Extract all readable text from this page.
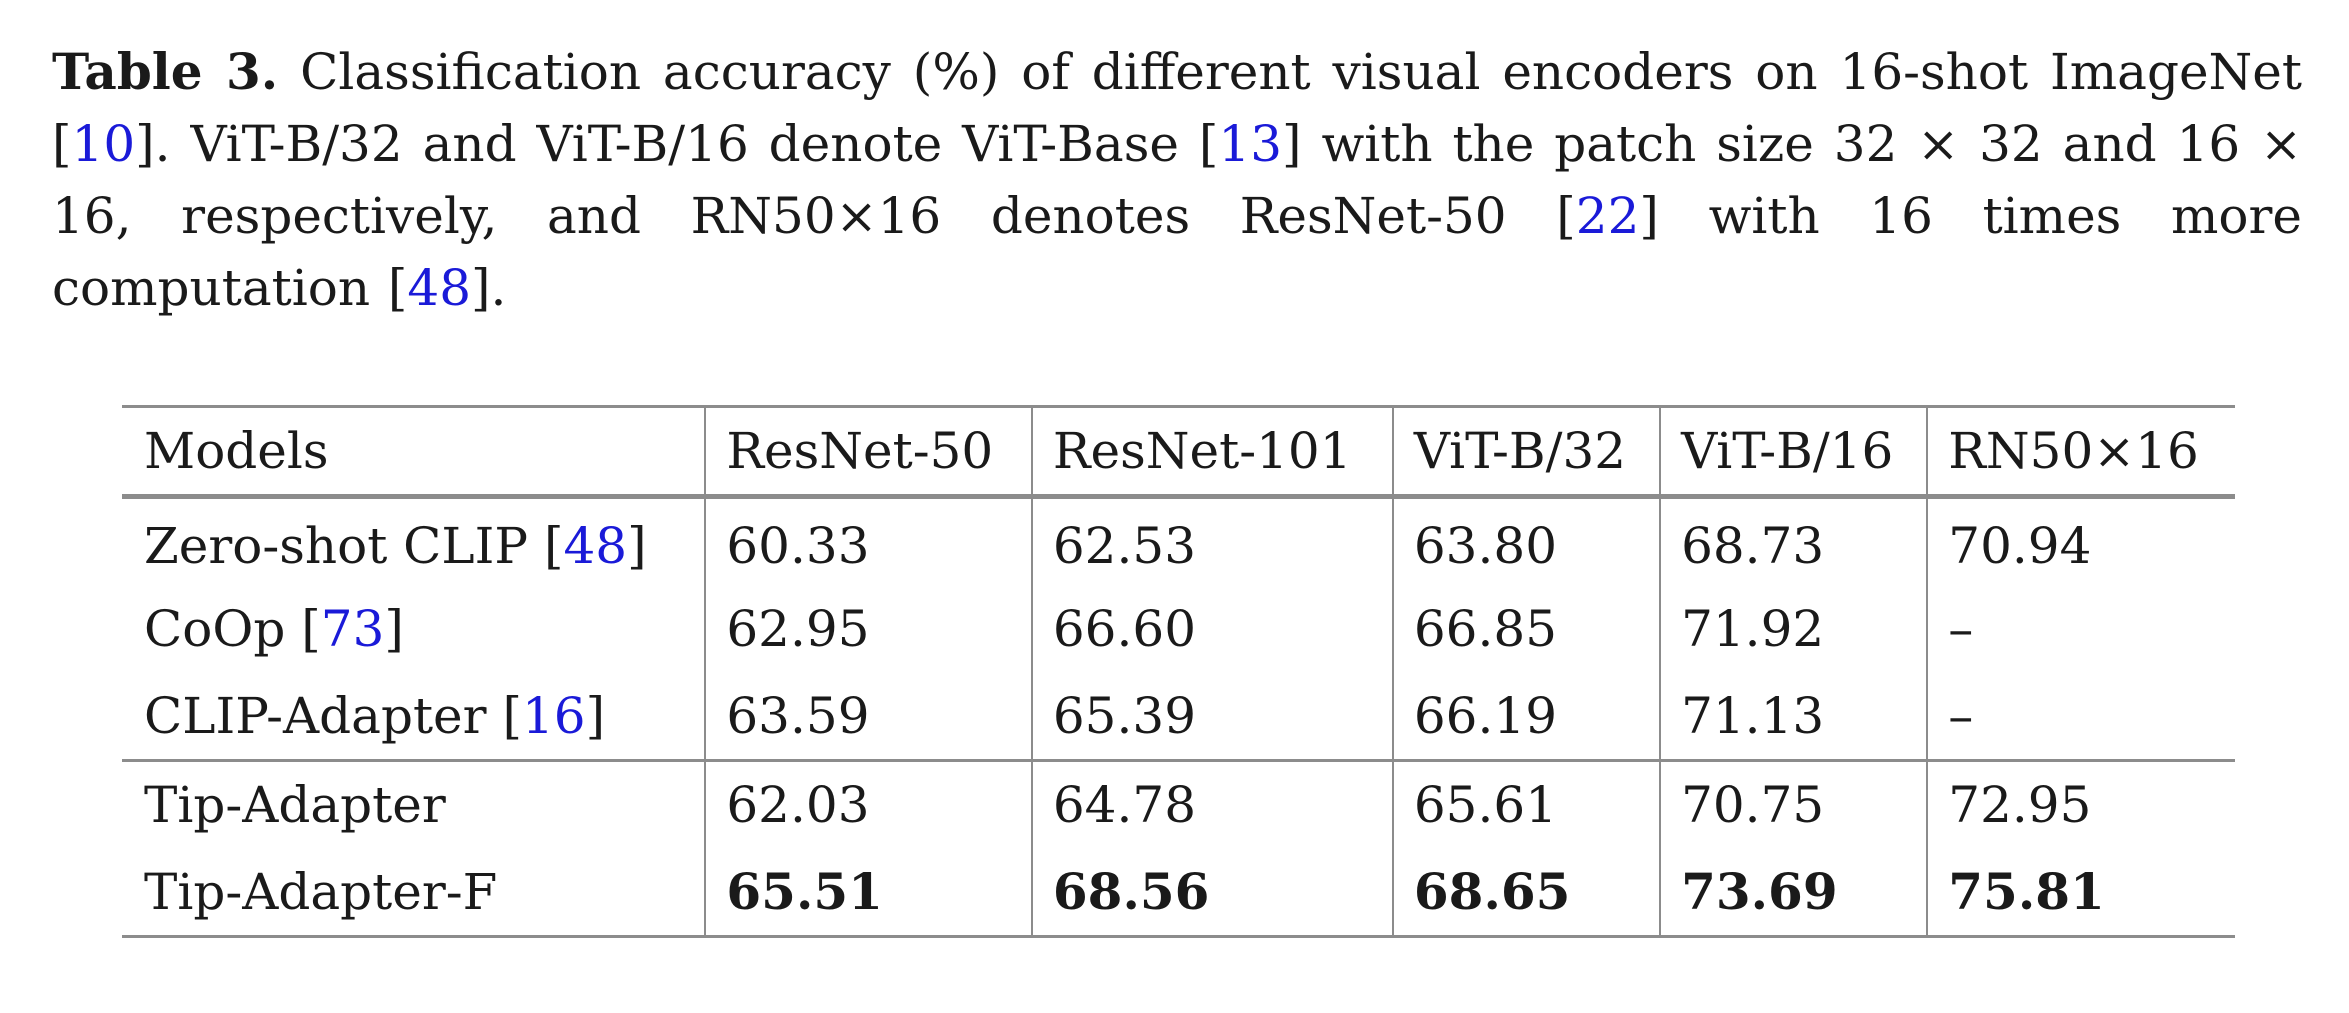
Table 3. Classification accuracy (%) of different visual encoders on 16-shot ImageNet [10]. ViT-B/32 and ViT-B/16 denote ViT-Base [13] with the patch size 32 × 32 and 16 × 16, respectively, and RN50×16 denotes ResNet-50 [22] with 16 times more computation [48].
Models	ResNet-50	ResNet-101	ViT-B/32	ViT-B/16	RN50×16
Zero-shot CLIP [48]	60.33	62.53	63.80	68.73	70.94
CoOp [73]	62.95	66.60	66.85	71.92	–
CLIP-Adapter [16]	63.59	65.39	66.19	71.13	–
Tip-Adapter	62.03	64.78	65.61	70.75	72.95
Tip-Adapter-F	65.51	68.56	68.65	73.69	75.81
